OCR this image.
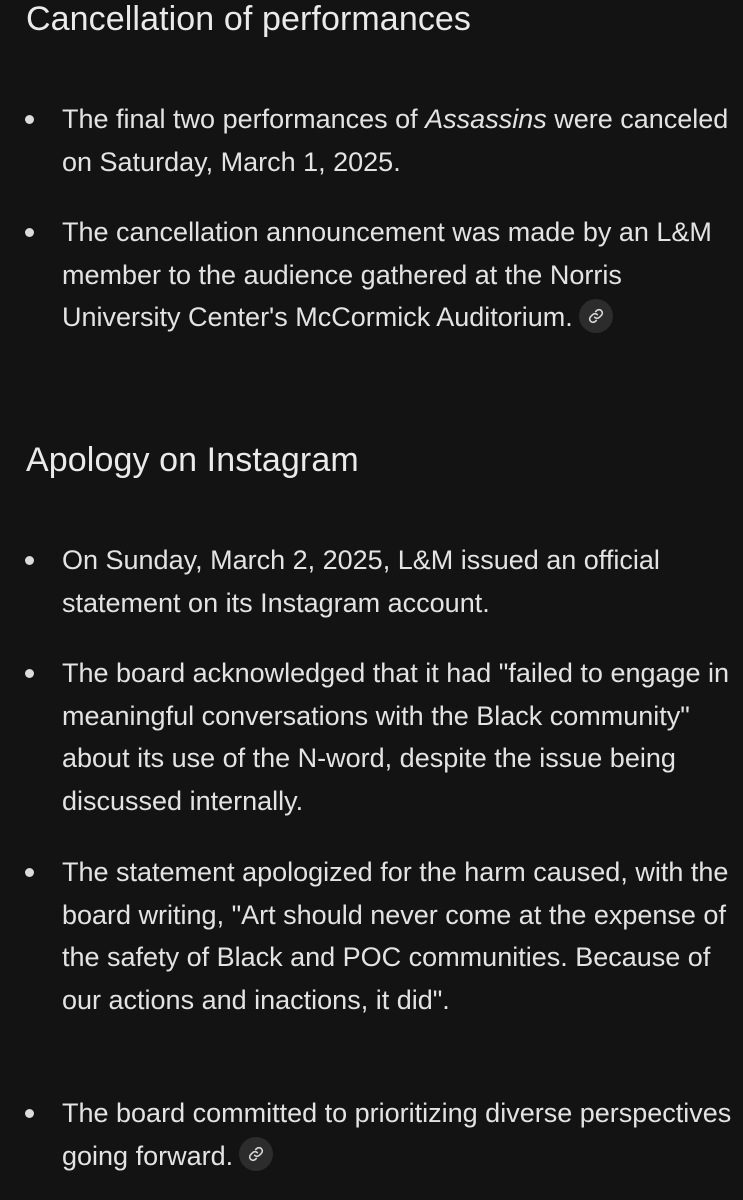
Cancellation of performances
The final two performances of Assassins were canceled on Saturday, March 1, 2025.
The cancellation announcement was made by an L&M member to the audience gathered at the Norris University Center's McCormick Auditorium.
Apology on Instagram
On Sunday, March 2, 2025, L&M issued an official statement on its Instagram account.
The board acknowledged that it had "failed to engage in meaningful conversations with the Black community" about its use of the N-word, despite the issue being discussed internally.
The statement apologized for the harm caused, with the board writing, "Art should never come at the expense of the safety of Black and POC communities. Because of our actions and inactions, it did".
The board committed to prioritizing diverse perspectives going forward.
